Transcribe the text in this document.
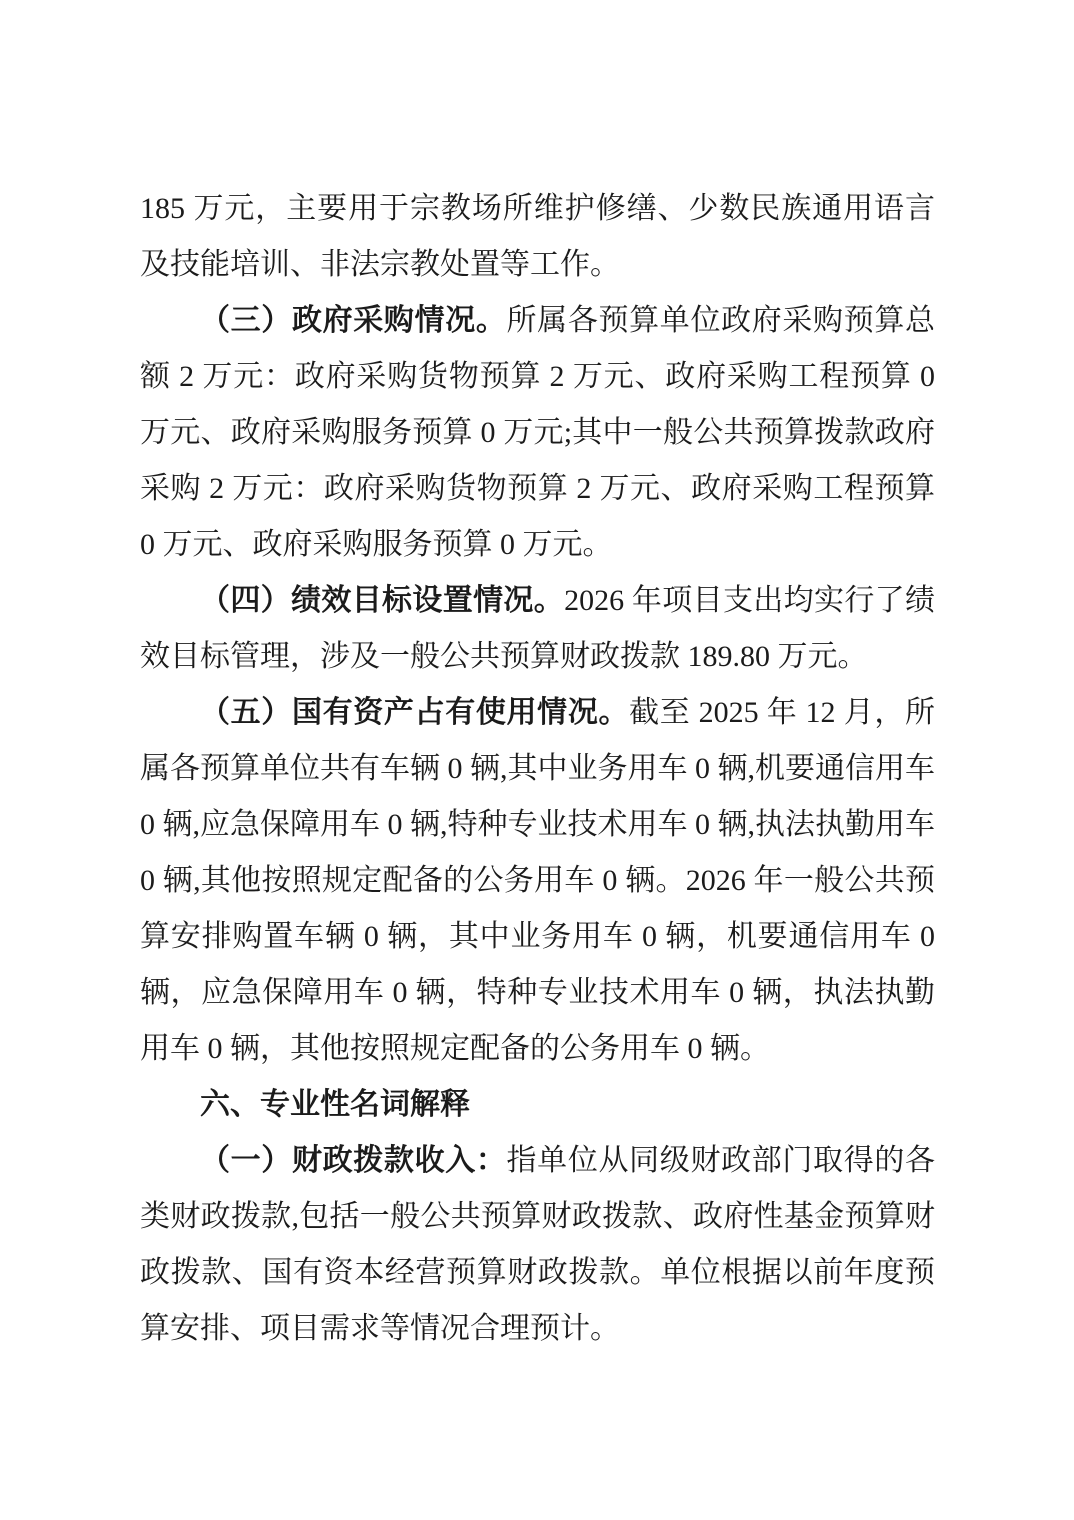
185 万元，主要用于宗教场所维护修缮、少数民族通用语言及技能培训、非法宗教处置等工作。

（三）政府采购情况。所属各预算单位政府采购预算总额 2 万元：政府采购货物预算 2 万元、政府采购工程预算 0 万元、政府采购服务预算 0 万元;其中一般公共预算拨款政府采购 2 万元：政府采购货物预算 2 万元、政府采购工程预算 0 万元、政府采购服务预算 0 万元。

（四）绩效目标设置情况。2026 年项目支出均实行了绩效目标管理，涉及一般公共预算财政拨款 189.80 万元。

（五）国有资产占有使用情况。截至 2025 年 12 月，所属各预算单位共有车辆 0 辆,其中业务用车 0 辆,机要通信用车 0 辆,应急保障用车 0 辆,特种专业技术用车 0 辆,执法执勤用车 0 辆,其他按照规定配备的公务用车 0 辆。2026 年一般公共预算安排购置车辆 0 辆，其中业务用车 0 辆，机要通信用车 0 辆，应急保障用车 0 辆，特种专业技术用车 0 辆，执法执勤用车 0 辆，其他按照规定配备的公务用车 0 辆。

六、专业性名词解释

（一）财政拨款收入：指单位从同级财政部门取得的各类财政拨款,包括一般公共预算财政拨款、政府性基金预算财政拨款、国有资本经营预算财政拨款。单位根据以前年度预算安排、项目需求等情况合理预计。
